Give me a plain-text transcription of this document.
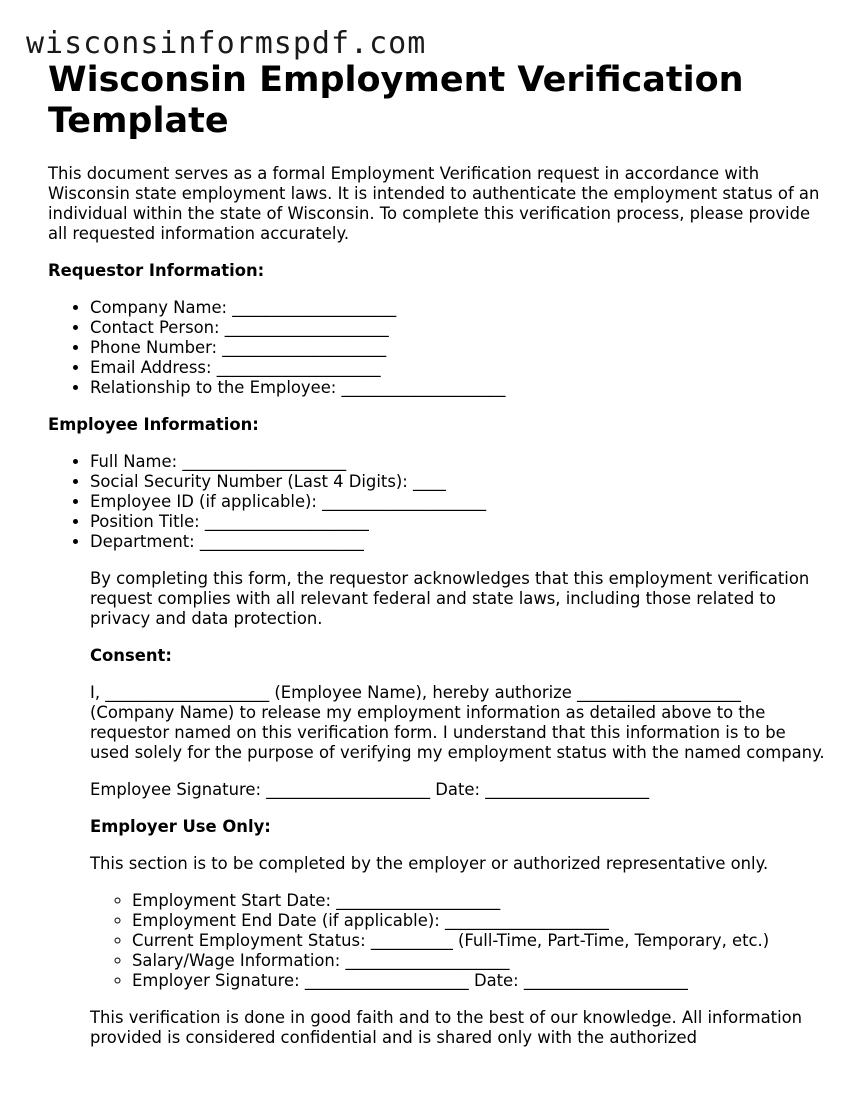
wisconsinformspdf.com
Wisconsin Employment Verification Template

This document serves as a formal Employment Verification request in accordance with Wisconsin state employment laws. It is intended to authenticate the employment status of an individual within the state of Wisconsin. To complete this verification process, please provide all requested information accurately.

Requestor Information:
• Company Name: ____________________
• Contact Person: ____________________
• Phone Number: ____________________
• Email Address: ____________________
• Relationship to the Employee: ____________________
Employee Information:
• Full Name: ____________________
• Social Security Number (Last 4 Digits): ____
• Employee ID (if applicable): ____________________
• Position Title: ____________________
• Department: ____________________

By completing this form, the requestor acknowledges that this employment verification request complies with all relevant federal and state laws, including those related to privacy and data protection.

Consent:

I, ____________________ (Employee Name), hereby authorize ____________________ (Company Name) to release my employment information as detailed above to the requestor named on this verification form. I understand that this information is to be used solely for the purpose of verifying my employment status with the named company.

Employee Signature: ____________________ Date: ____________________

Employer Use Only:

This section is to be completed by the employer or authorized representative only.

◦ Employment Start Date: ____________________
◦ Employment End Date (if applicable): ____________________
◦ Current Employment Status: __________ (Full-Time, Part-Time, Temporary, etc.)
◦ Salary/Wage Information: ____________________
◦ Employer Signature: ____________________ Date: ____________________

This verification is done in good faith and to the best of our knowledge. All information provided is considered confidential and is shared only with the authorized
